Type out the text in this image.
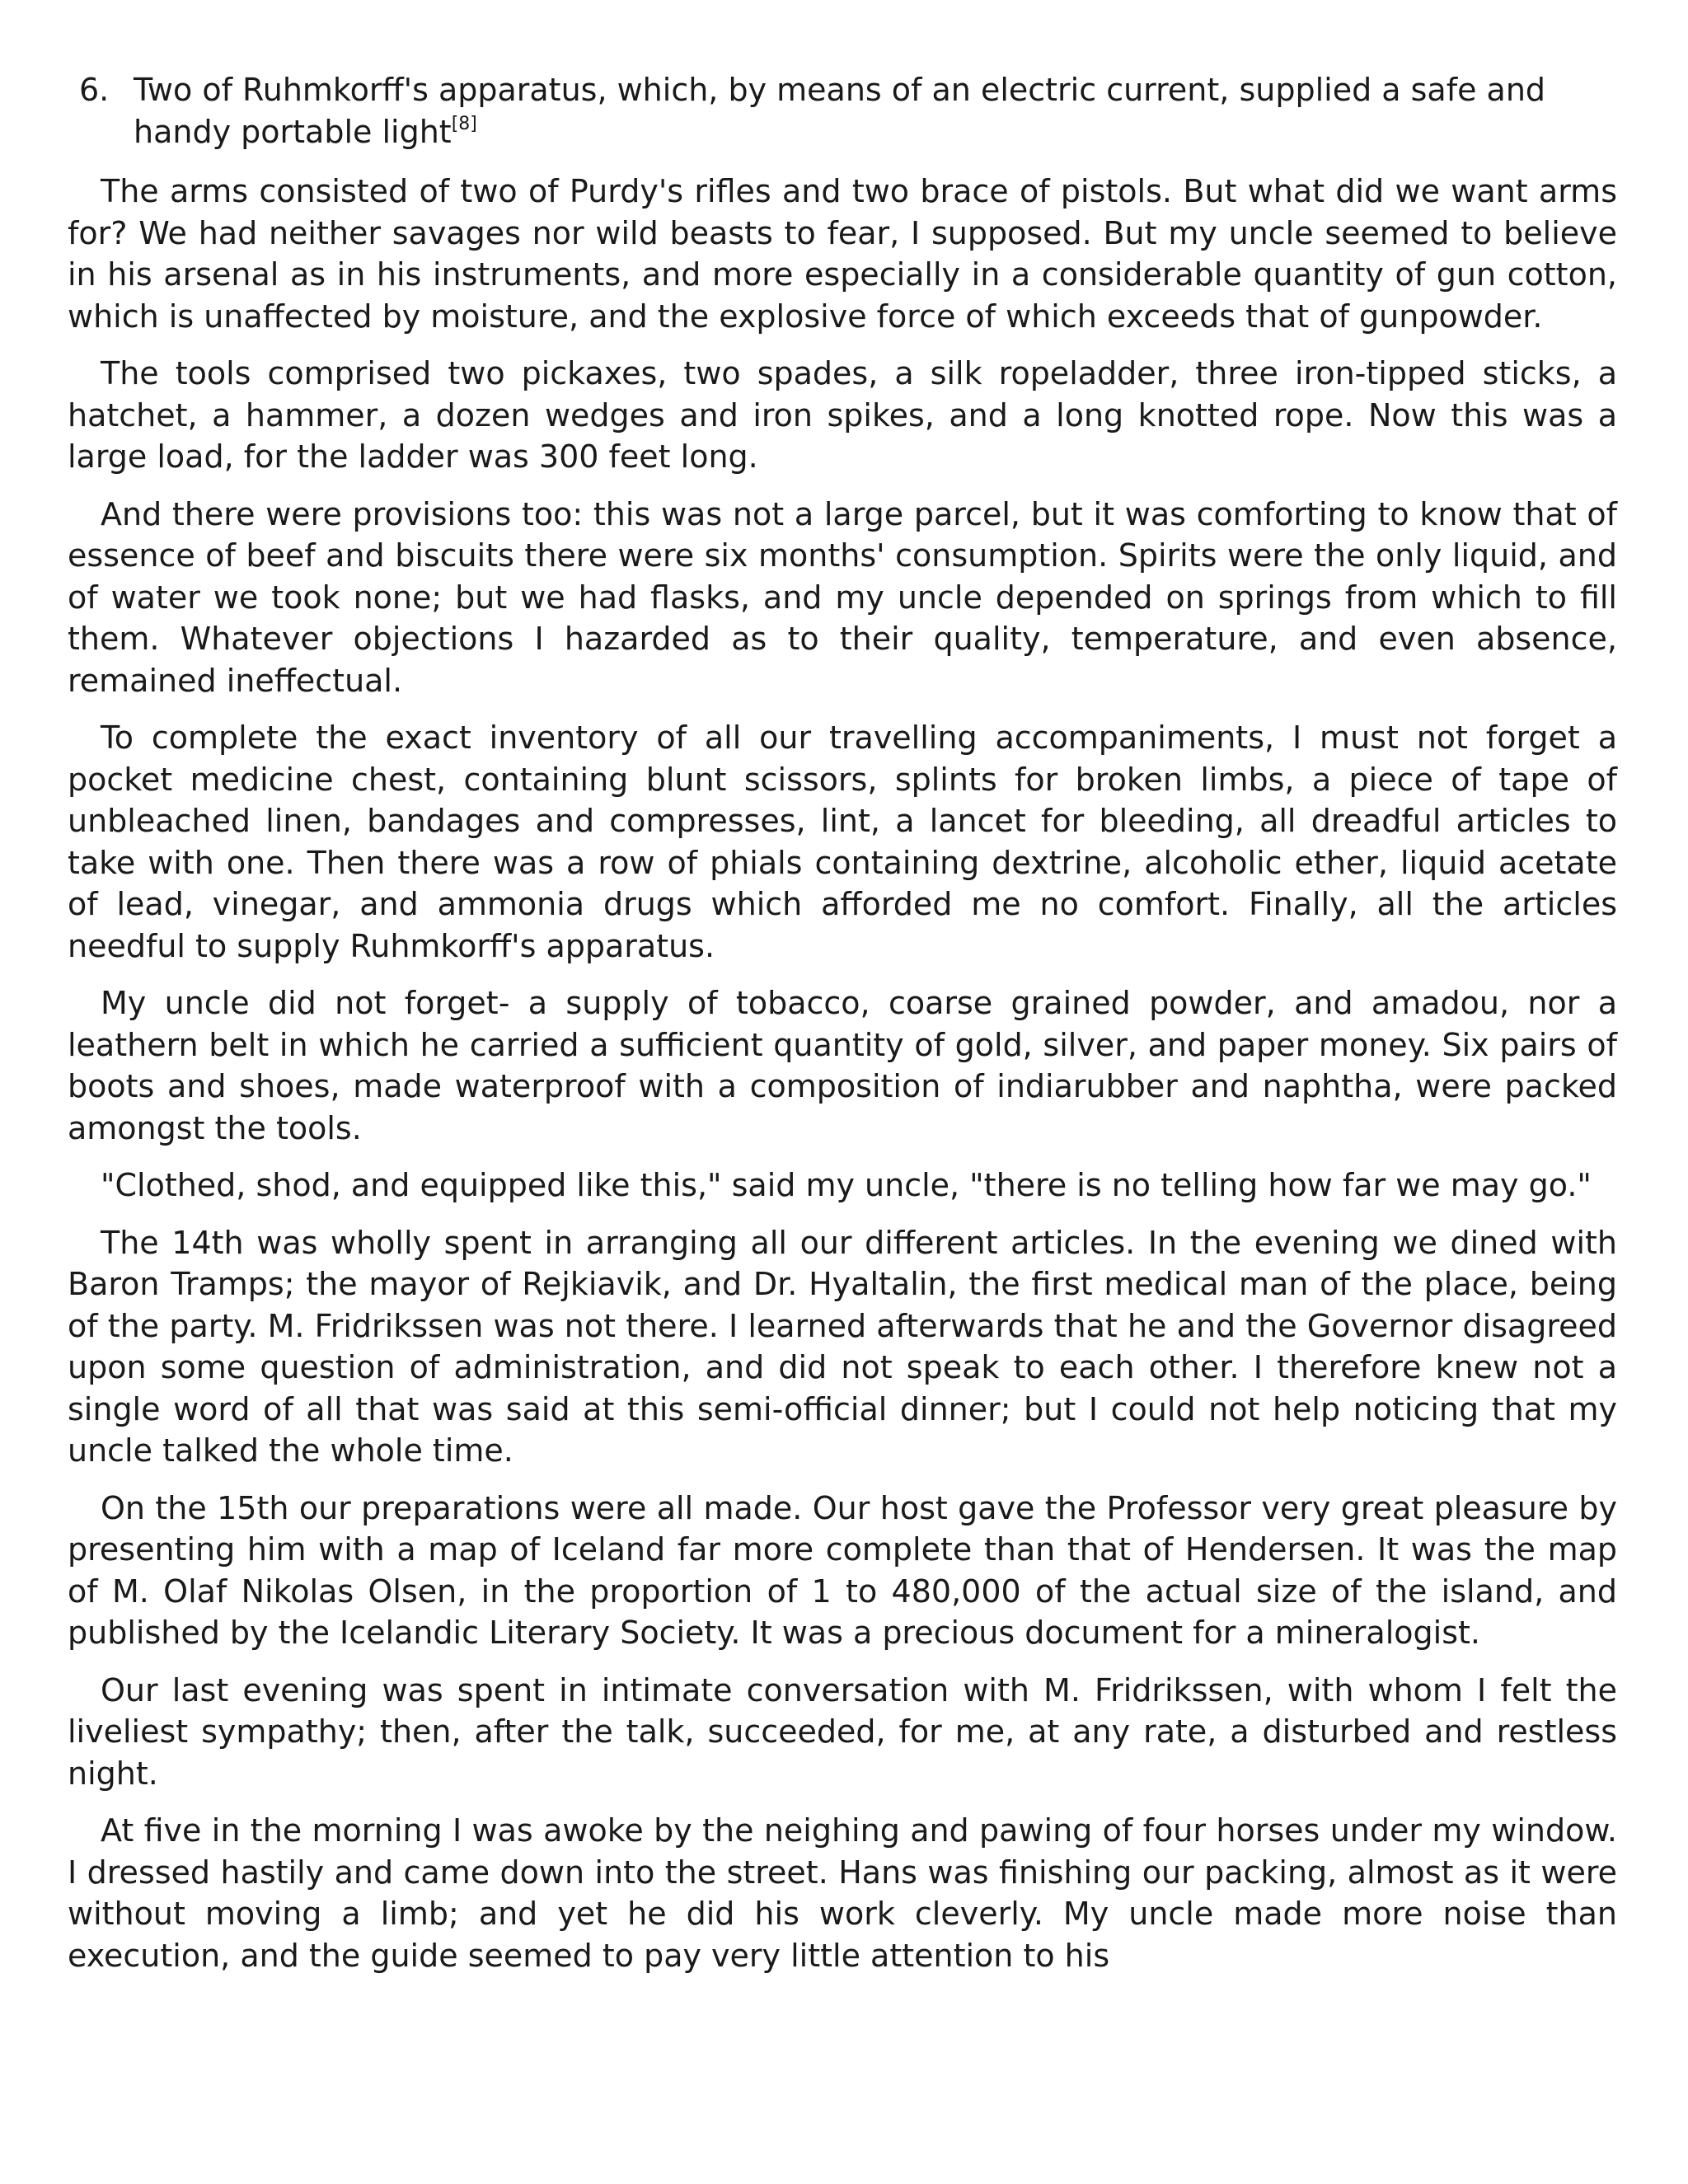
6. Two of Ruhmkorff's apparatus, which, by means of an electric current, supplied a safe and handy portable light[8]

The arms consisted of two of Purdy's rifles and two brace of pistols. But what did we want arms for? We had neither savages nor wild beasts to fear, I supposed. But my uncle seemed to believe in his arsenal as in his instruments, and more especially in a considerable quantity of gun cotton, which is unaffected by moisture, and the explosive force of which exceeds that of gunpowder.

The tools comprised two pickaxes, two spades, a silk ropeladder, three iron-tipped sticks, a hatchet, a hammer, a dozen wedges and iron spikes, and a long knotted rope. Now this was a large load, for the ladder was 300 feet long.

And there were provisions too: this was not a large parcel, but it was comforting to know that of essence of beef and biscuits there were six months' consumption. Spirits were the only liquid, and of water we took none; but we had flasks, and my uncle depended on springs from which to fill them. Whatever objections I hazarded as to their quality, temperature, and even absence, remained ineffectual.

To complete the exact inventory of all our travelling accompaniments, I must not forget a pocket medicine chest, containing blunt scissors, splints for broken limbs, a piece of tape of unbleached linen, bandages and compresses, lint, a lancet for bleeding, all dreadful articles to take with one. Then there was a row of phials containing dextrine, alcoholic ether, liquid acetate of lead, vinegar, and ammonia drugs which afforded me no comfort. Finally, all the articles needful to supply Ruhmkorff's apparatus.

My uncle did not forget- a supply of tobacco, coarse grained powder, and amadou, nor a leathern belt in which he carried a sufficient quantity of gold, silver, and paper money. Six pairs of boots and shoes, made waterproof with a composition of indiarubber and naphtha, were packed amongst the tools.

"Clothed, shod, and equipped like this," said my uncle, "there is no telling how far we may go."

The 14th was wholly spent in arranging all our different articles. In the evening we dined with Baron Tramps; the mayor of Rejkiavik, and Dr. Hyaltalin, the first medical man of the place, being of the party. M. Fridrikssen was not there. I learned afterwards that he and the Governor disagreed upon some question of administration, and did not speak to each other. I therefore knew not a single word of all that was said at this semi-official dinner; but I could not help noticing that my uncle talked the whole time.

On the 15th our preparations were all made. Our host gave the Professor very great pleasure by presenting him with a map of Iceland far more complete than that of Hendersen. It was the map of M. Olaf Nikolas Olsen, in the proportion of 1 to 480,000 of the actual size of the island, and published by the Icelandic Literary Society. It was a precious document for a mineralogist.

Our last evening was spent in intimate conversation with M. Fridrikssen, with whom I felt the liveliest sympathy; then, after the talk, succeeded, for me, at any rate, a disturbed and restless night.

At five in the morning I was awoke by the neighing and pawing of four horses under my window. I dressed hastily and came down into the street. Hans was finishing our packing, almost as it were without moving a limb; and yet he did his work cleverly. My uncle made more noise than execution, and the guide seemed to pay very little attention to his
